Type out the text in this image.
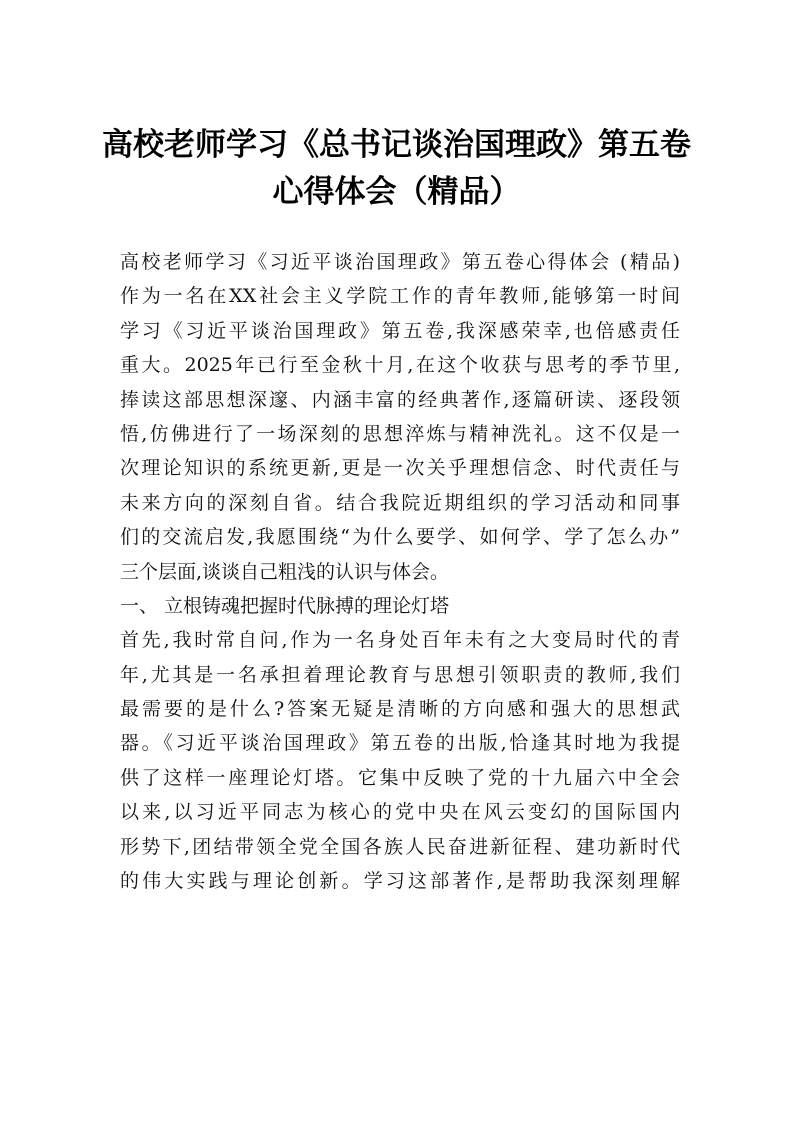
高校老师学习《总书记谈治国理政》第五卷
心得体会（精品）
高校老师学习《习近平谈治国理政》第五卷心得体会 (精品)
作为一名在XX社会主义学院工作的青年教师,能够第一时间
学习《习近平谈治国理政》第五卷,我深感荣幸,也倍感责任
重大。2025年已行至金秋十月,在这个收获与思考的季节里,
捧读这部思想深邃、内涵丰富的经典著作,逐篇研读、逐段领
悟,仿佛进行了一场深刻的思想淬炼与精神洗礼。这不仅是一
次理论知识的系统更新,更是一次关乎理想信念、时代责任与
未来方向的深刻自省。结合我院近期组织的学习活动和同事
们的交流启发,我愿围绕“为什么要学、如何学、学了怎么办”
三个层面,谈谈自己粗浅的认识与体会。
一、 立根铸魂把握时代脉搏的理论灯塔
首先,我时常自问,作为一名身处百年未有之大变局时代的青
年,尤其是一名承担着理论教育与思想引领职责的教师,我们
最需要的是什么?答案无疑是清晰的方向感和强大的思想武
器。《习近平谈治国理政》第五卷的出版,恰逢其时地为我提
供了这样一座理论灯塔。它集中反映了党的十九届六中全会
以来,以习近平同志为核心的党中央在风云变幻的国际国内
形势下,团结带领全党全国各族人民奋进新征程、建功新时代
的伟大实践与理论创新。学习这部著作,是帮助我深刻理解
